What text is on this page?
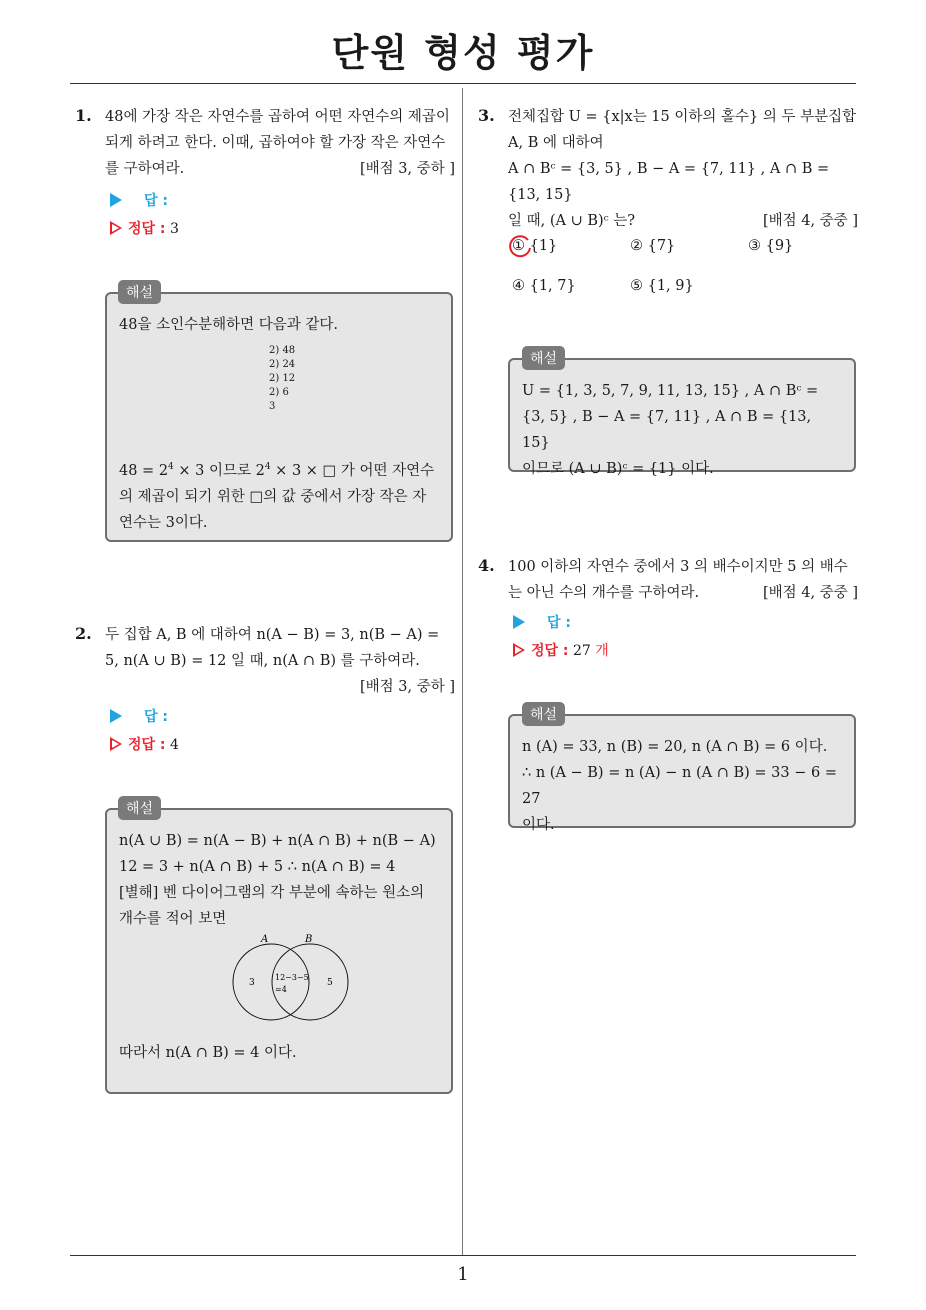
단원 형성 평가
1
1. 48에 가장 작은 자연수를 곱하여 어떤 자연수의 제곱이 되게 하려고 한다. 이때, 곱하여야 할 가장 작은 자연수를 구하여라.	[배점 3, 중하 ]
답 :
정답 : 3

48을 소인수분해하면 다음과 같다.

2) 48
2) 24
2) 12
2) 6
3

$48 = 2^4 \times 3$ 이므로 $2^4 \times 3$ × □ 가 어떤 자연수의 제곱이 되기 위한 □의 값 중에서 가장 작은 자연수는 3이다.

해설
2. 두 집합 A, B 에 대하여 n(A − B) = 3, n(B − A) = 5, n(A ∪ B) = 12 일 때, n(A ∩ B) 를 구하여라.

[배점 3, 중하 ]
답 :
정답 : 4

n(A ∪ B) = n(A − B) + n(A ∩ B) + n(B − A)

12 = 3 + n(A ∩ B) + 5 ∴ n(A ∩ B) = 4

[별해] 벤 다이어그램의 각 부분에 속하는 원소의 개수를 적어 보면

A	B
3
12−3−5
=4
5

따라서 n(A ∩ B) = 4 이다.

해설
3. 전체집합 U = {x|x는 15 이하의 홀수} 의 두 부분집합 A, B 에 대하여

A ∩ Bᶜ = {3, 5} , B − A = {7, 11} , A ∩ B = {13, 15}

일 때, (A ∪ B)ᶜ 는?	[배점 4, 중중 ]
① {1}	② {7}	③ {9}
④ {1, 7}	⑤ {1, 9}

U = {1, 3, 5, 7, 9, 11, 13, 15} , A ∩ Bᶜ =

{3, 5} , B − A = {7, 11} , A ∩ B = {13, 15}

이므로 (A ∪ B)ᶜ = {1} 이다.

해설
4. 100 이하의 자연수 중에서 3 의 배수이지만 5 의 배수는 아닌 수의 개수를 구하여라.	[배점 4, 중중 ]
답 :
정답 : 27 개

n (A) = 33, n (B) = 20, n (A ∩ B) = 6 이다.

∴ n (A − B) = n (A) − n (A ∩ B) = 33 − 6 = 27

이다.

해설
